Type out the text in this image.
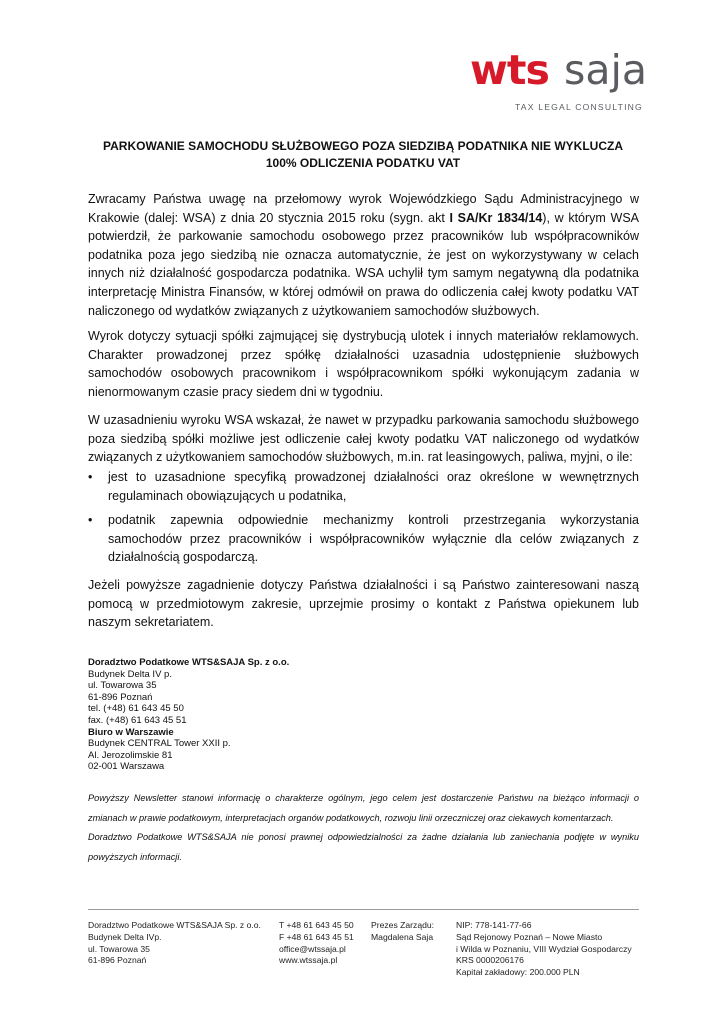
wts saja
TAX LEGAL CONSULTING
PARKOWANIE SAMOCHODU SŁUŻBOWEGO POZA SIEDZIBĄ PODATNIKA NIE WYKLUCZA
100% ODLICZENIA PODATKU VAT

Zwracamy Państwa uwagę na przełomowy wyrok Wojewódzkiego Sądu Administracyjnego w Krakowie (dalej: WSA) z dnia 20 stycznia 2015 roku (sygn. akt I SA/Kr 1834/14), w którym WSA potwierdził, że parkowanie samochodu osobowego przez pracowników lub współpracowników podatnika poza jego siedzibą nie oznacza automatycznie, że jest on wykorzystywany w celach innych niż działalność gospodarcza podatnika. WSA uchylił tym samym negatywną dla podatnika interpretację Ministra Finansów, w której odmówił on prawa do odliczenia całej kwoty podatku VAT naliczonego od wydatków związanych z użytkowaniem samochodów służbowych.

Wyrok dotyczy sytuacji spółki zajmującej się dystrybucją ulotek i innych materiałów reklamowych. Charakter prowadzonej przez spółkę działalności uzasadnia udostępnienie służbowych samochodów osobowych pracownikom i współpracownikom spółki wykonującym zadania w nienormowanym czasie pracy siedem dni w tygodniu.

W uzasadnieniu wyroku WSA wskazał, że nawet w przypadku parkowania samochodu służbowego poza siedzibą spółki możliwe jest odliczenie całej kwoty podatku VAT naliczonego od wydatków związanych z użytkowaniem samochodów służbowych, m.in. rat leasingowych, paliwa, myjni, o ile:

• jest to uzasadnione specyfiką prowadzonej działalności oraz określone w wewnętrznych regulaminach obowiązujących u podatnika,
• podatnik zapewnia odpowiednie mechanizmy kontroli przestrzegania wykorzystania samochodów przez pracowników i współpracowników wyłącznie dla celów związanych z działalnością gospodarczą.

Jeżeli powyższe zagadnienie dotyczy Państwa działalności i są Państwo zainteresowani naszą pomocą w przedmiotowym zakresie, uprzejmie prosimy o kontakt z Państwa opiekunem lub naszym sekretariatem.

Doradztwo Podatkowe WTS&SAJA Sp. z o.o.
Budynek Delta IV p.
ul. Towarowa 35
61-896 Poznań
tel. (+48) 61 643 45 50
fax. (+48) 61 643 45 51
Biuro w Warszawie
Budynek CENTRAL Tower XXII p.
Al. Jerozolimskie 81
02-001 Warszawa

Powyższy Newsletter stanowi informację o charakterze ogólnym, jego celem jest dostarczenie Państwu na bieżąco informacji o zmianach w prawie podatkowym, interpretacjach organów podatkowych, rozwoju linii orzeczniczej oraz ciekawych komentarzach.

Doradztwo Podatkowe WTS&SAJA nie ponosi prawnej odpowiedzialności za żadne działania lub zaniechania podjęte w wyniku powyższych informacji.

Doradztwo Podatkowe WTS&SAJA Sp. z o.o.
Budynek Delta IVp.
ul. Towarowa 35
61-896 Poznań
T +48 61 643 45 50
F +48 61 643 45 51
office@wtssaja.pl
www.wtssaja.pl
Prezes Zarządu:
Magdalena Saja
NIP: 778-141-77-66
Sąd Rejonowy Poznań – Nowe Miasto
i Wilda w Poznaniu, VIII Wydział Gospodarczy
KRS 0000206176
Kapitał zakładowy: 200.000 PLN
